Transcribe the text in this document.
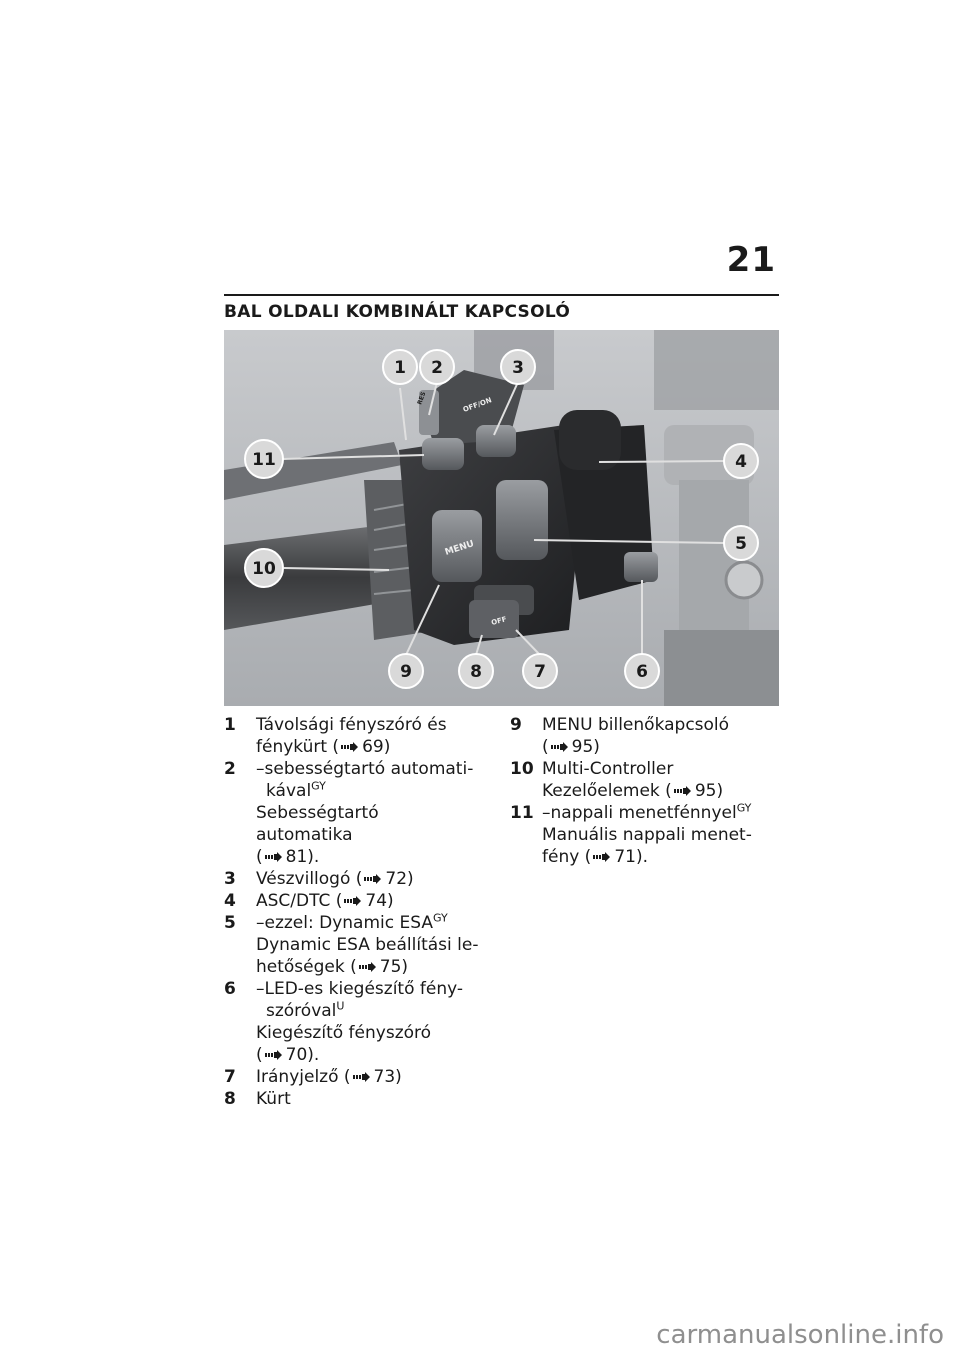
21
BAL OLDALI KOMBINÁLT KAPCSOLÓ
MENU
OFF/ON
OFF
RES
1 2	3
4
5
6
7
8
9
10
11
1 Távolsági fényszóró és
fénykürt ( 69)
2 –sebességtartó automati-
kával$^{GY}$
Sebességtartó automatika
( 81).
3 Vészvillogó ( 72)
4 ASC/DTC ( 74)
5 –ezzel: Dynamic $ESA^{GY}$
Dynamic ESA beállítási le-
hetőségek ( 75)
6 –LED-es kiegészítő fény-
szóróval$^U$
Kiegészítő fényszóró
( 70).
7 Irányjelző ( 73)
8 Kürt
9 MENU billenőkapcsoló
( 95)
10 Multi-Controller
Kezelőelemek ( 95)
11 –nappali menetfénnyel$^{GY}$
Manuális nappali menet-
fény ( 71).
carmanualsonline.info
